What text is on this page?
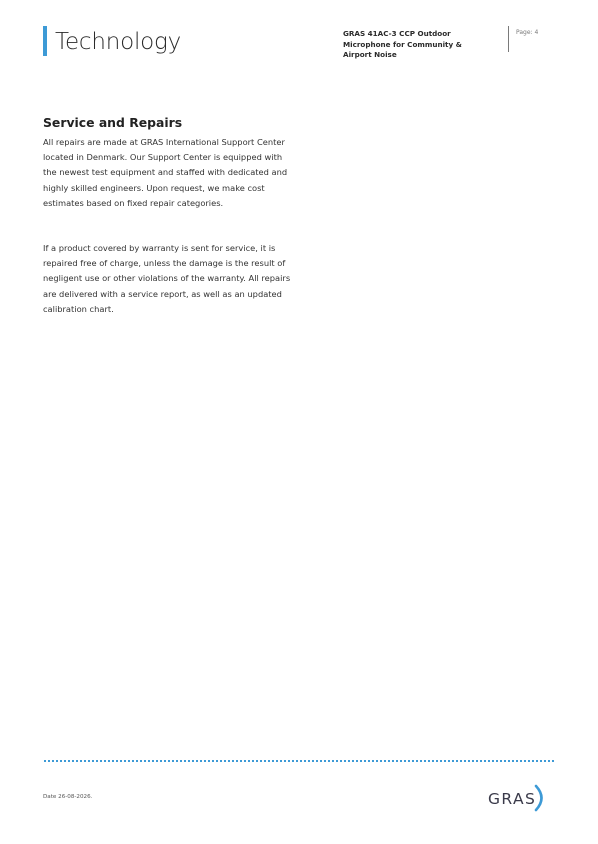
Technology	GRAS 41AC-3 CCP Outdoor Microphone for Community & Airport Noise
Page: 4
Service and Repairs

All repairs are made at GRAS International Support Center located in Denmark. Our Support Center is equipped with the newest test equipment and staffed with dedicated and highly skilled engineers. Upon request, we make cost estimates based on fixed repair categories.

If a product covered by warranty is sent for service, it is repaired free of charge, unless the damage is the result of negligent use or other violations of the warranty. All repairs are delivered with a service report, as well as an updated calibration chart.

Date 26-08-2026.	GRAS
